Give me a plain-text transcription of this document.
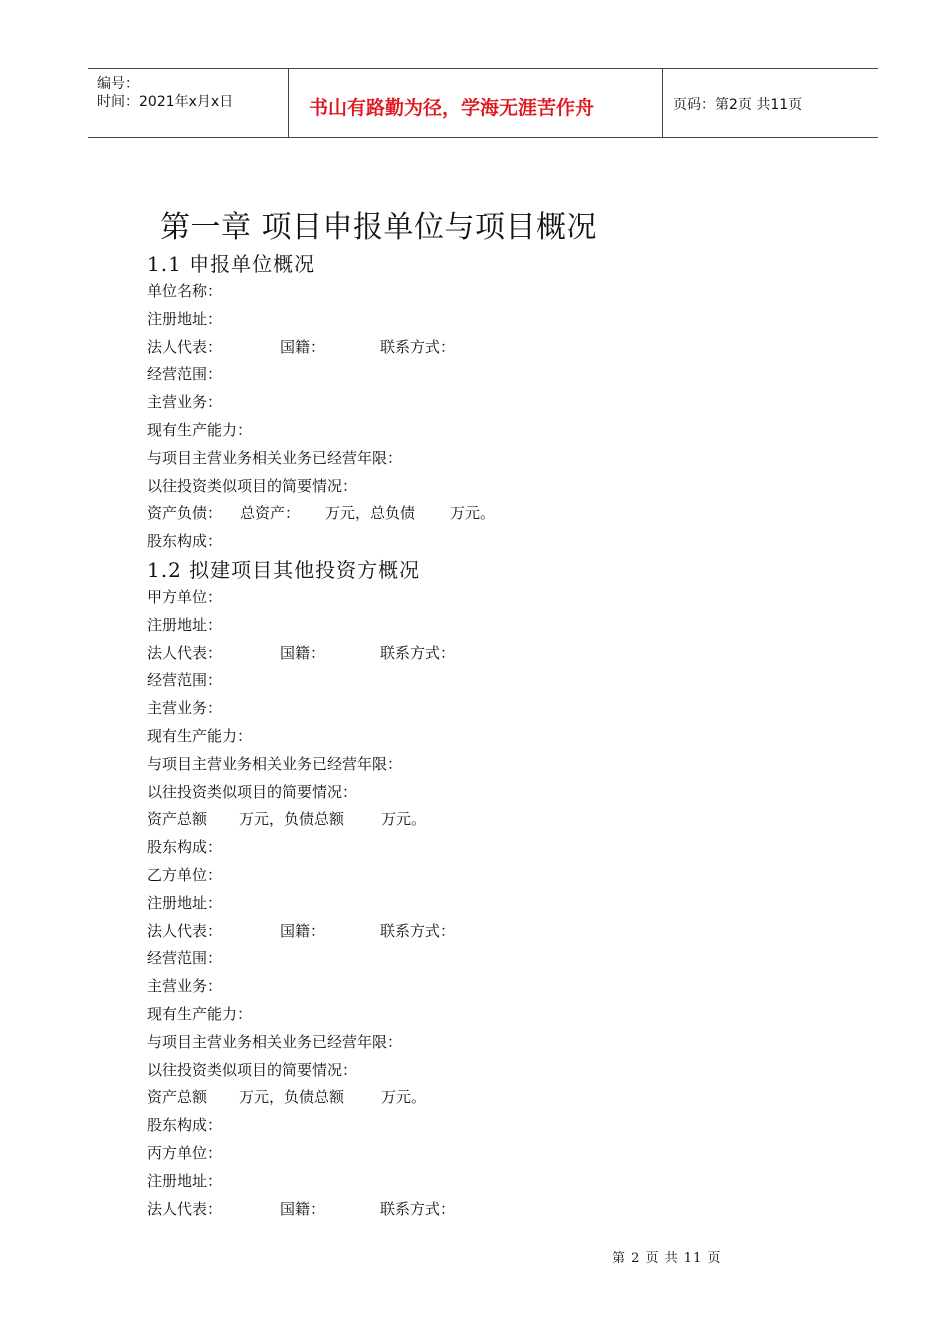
编号：
时间：2021年x月x日	书山有路勤为径，学海无涯苦作舟	页码：第2页 共11页
第一章 项目申报单位与项目概况
1.1 申报单位概况
单位名称：
注册地址：
法人代表：	国籍：	联系方式：
经营范围：
主营业务：
现有生产能力：
与项目主营业务相关业务已经营年限：
以往投资类似项目的简要情况：
资产负债：	总资产：	万元，总负债	万元。
股东构成：
1.2 拟建项目其他投资方概况
甲方单位：
注册地址：
法人代表：	国籍：	联系方式：
经营范围：
主营业务：
现有生产能力：
与项目主营业务相关业务已经营年限：
以往投资类似项目的简要情况：
资产总额	万元，负债总额	万元。
股东构成：
乙方单位：
注册地址：
法人代表：	国籍：	联系方式：
经营范围：
主营业务：
现有生产能力：
与项目主营业务相关业务已经营年限：
以往投资类似项目的简要情况：
资产总额	万元，负债总额	万元。
股东构成：
丙方单位：
注册地址：
法人代表：	国籍：	联系方式：
第 2 页 共 11 页
